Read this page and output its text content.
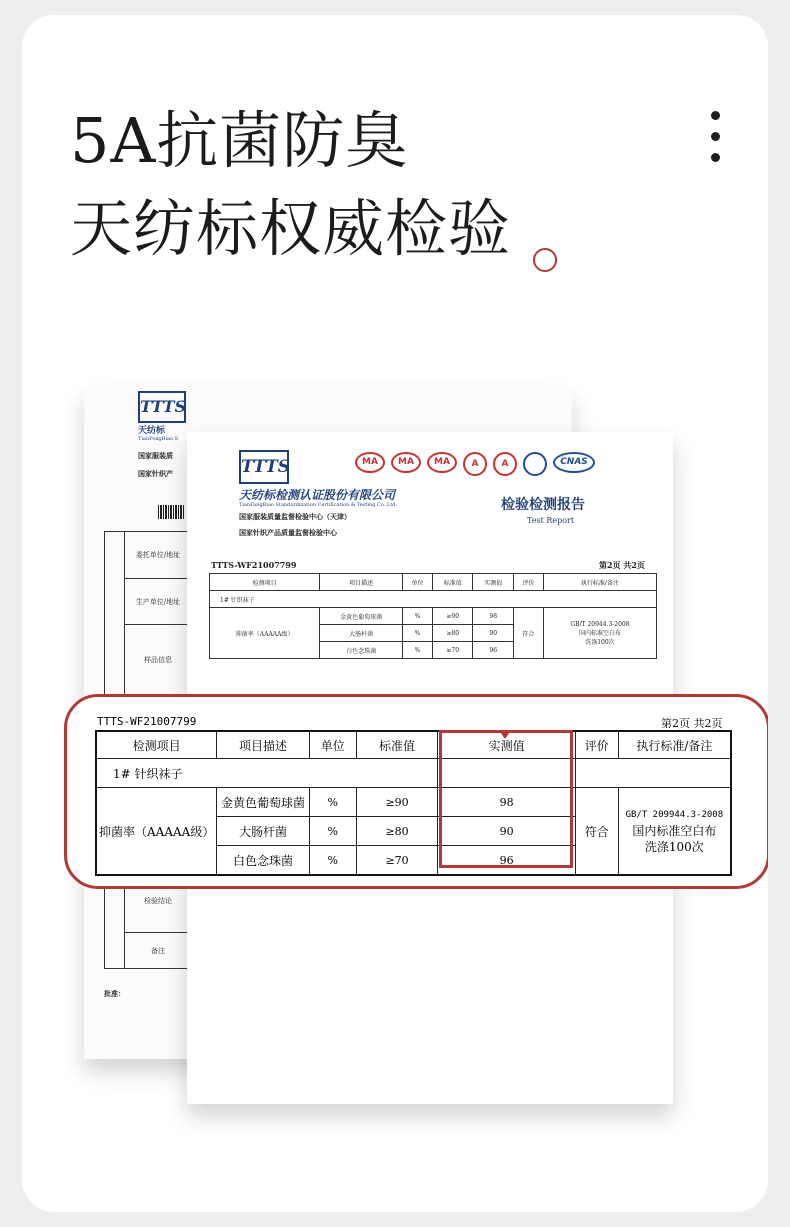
5A抗菌防臭
天纺标权威检验
TTTS
天纺标
TianFongBiao S
国家服装质
国家针织产
委托单位/地址
生产单位/地址
样品信息
检验结论
备注
批准：
TTTS	MA	MA	MA	A	A	CNAS
天纺标检测认证股份有限公司
TianFangBiao Standardization Certification & Testing Co.,Ltd.
国家服装质量监督检验中心（天津）
国家针织产品质量监督检验中心
检验检测报告
Test Report
TTTS-WF21007799	第2页 共2页
检测项目	项目描述	单位	标准值	实测值	评价	执行标准/备注
1# 针织袜子						
抑菌率（AAAAA级）	金黄色葡萄球菌	%	≥90	98	符合	GB/T 20944.3-2008
国内标准空白布
洗涤100次

	大肠杆菌	%	≥80	90		
	白色念珠菌	%	≥70	96		
TTTS-WF21007799	第2页 共2页
检测项目	项目描述	单位	标准值	实测值	评价	执行标准/备注
1# 针织袜子						
抑菌率（AAAAA级）	金黄色葡萄球菌	%	≥90	98	符合	GB/T 209944.3-2008
国内标准空白布
洗涤100次

	大肠杆菌	%	≥80	90		
	白色念珠菌	%	≥70	96		
